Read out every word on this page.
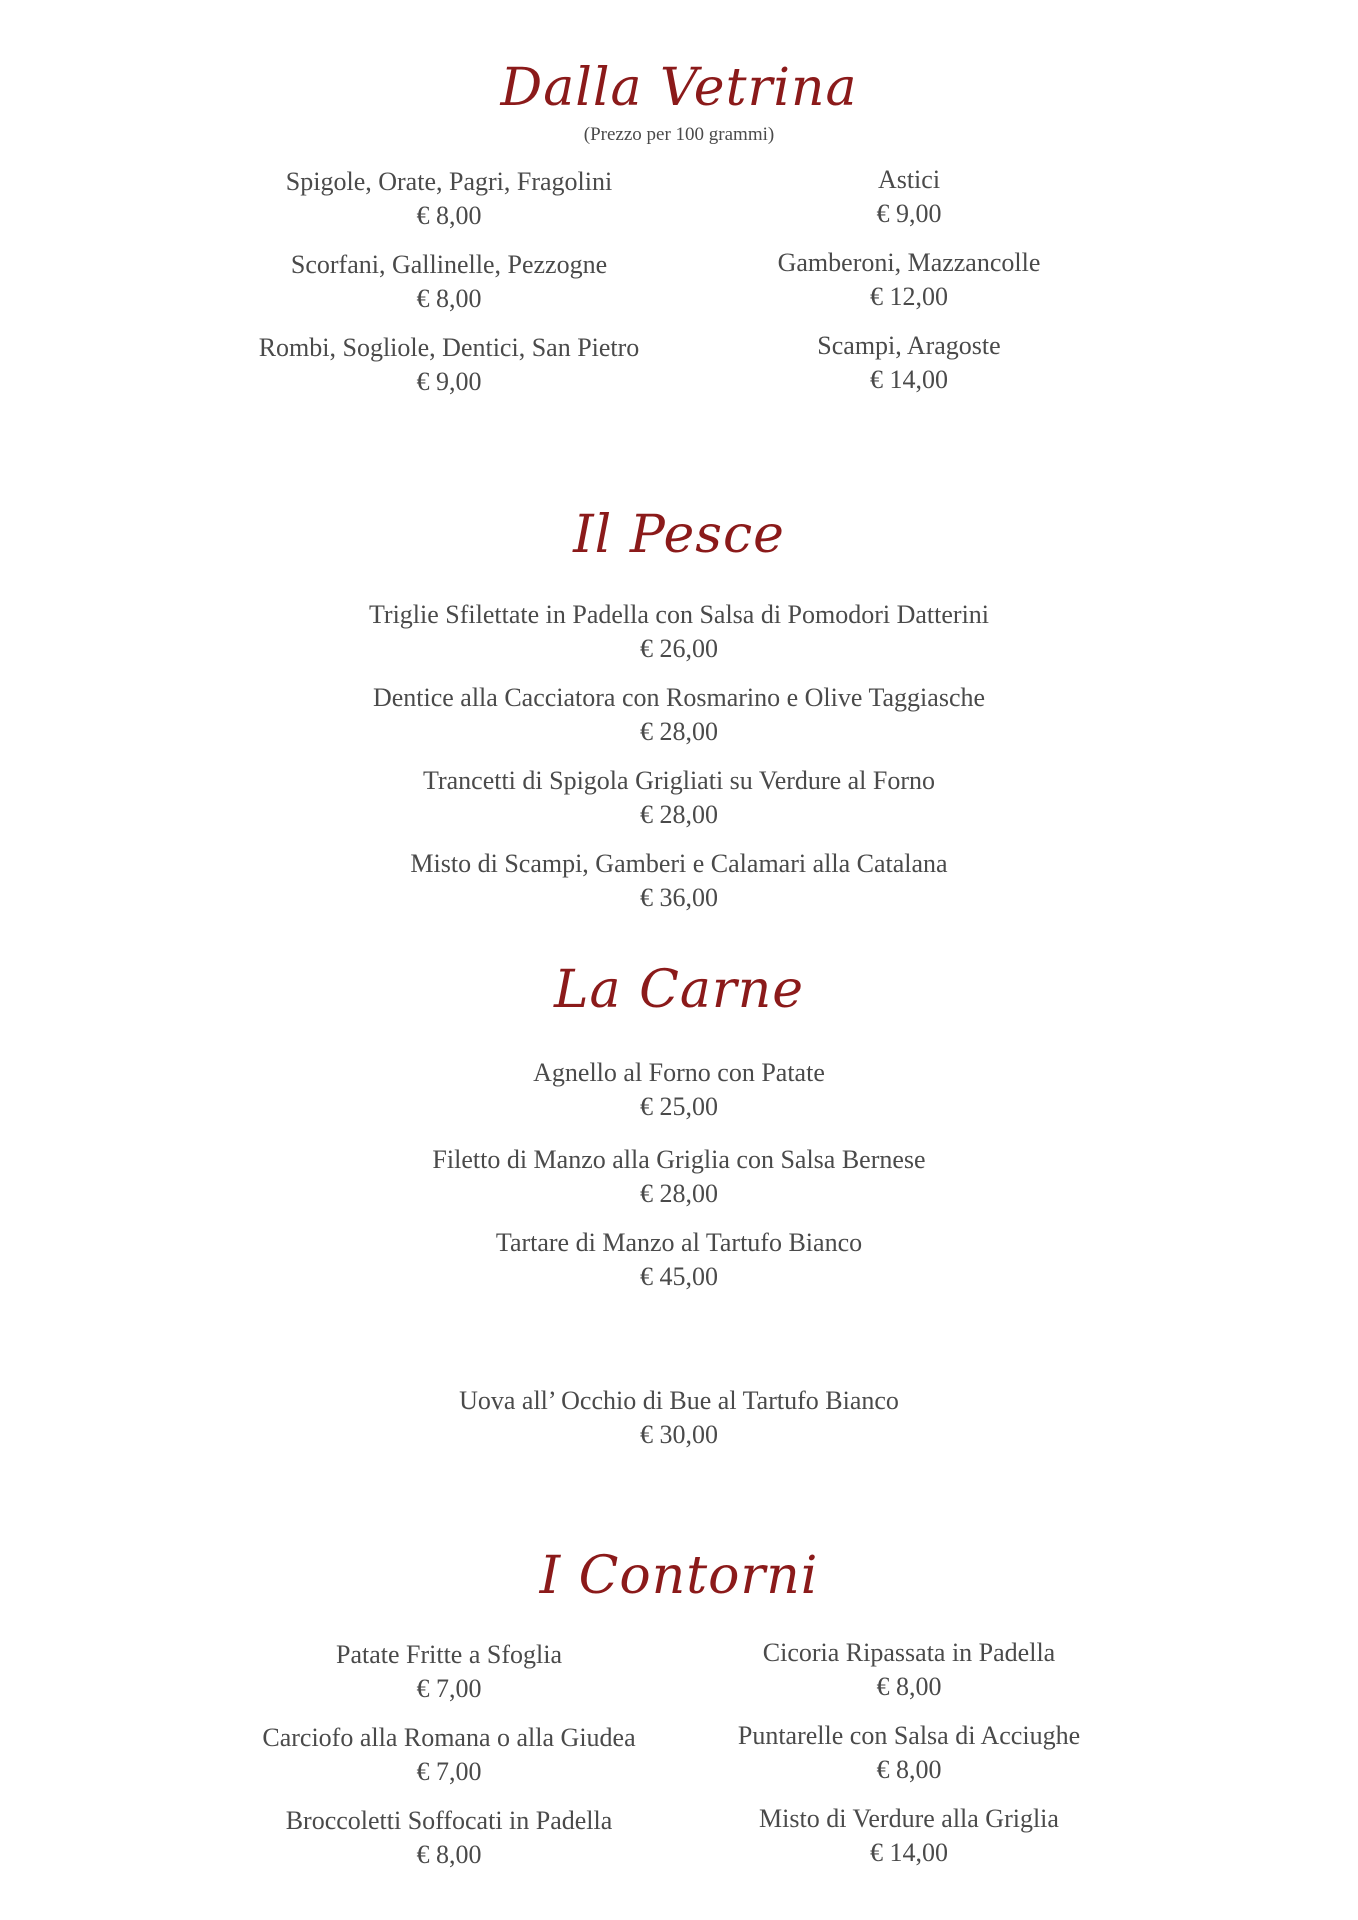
Dalla Vetrina
(Prezzo per 100 grammi)
Spigole, Orate, Pagri, Fragolini
€ 8,00
Scorfani, Gallinelle, Pezzogne
€ 8,00
Rombi, Sogliole, Dentici, San Pietro
€ 9,00
Astici
€ 9,00
Gamberoni, Mazzancolle
€ 12,00
Scampi, Aragoste
€ 14,00
Il Pesce
Triglie Sfilettate in Padella con Salsa di Pomodori Datterini
€ 26,00
Dentice alla Cacciatora con Rosmarino e Olive Taggiasche
€ 28,00
Trancetti di Spigola Grigliati su Verdure al Forno
€ 28,00
Misto di Scampi, Gamberi e Calamari alla Catalana
€ 36,00
La Carne
Agnello al Forno con Patate
€ 25,00
Filetto di Manzo alla Griglia con Salsa Bernese
€ 28,00
Tartare di Manzo al Tartufo Bianco
€ 45,00
Uova all’ Occhio di Bue al Tartufo Bianco
€ 30,00
I Contorni
Patate Fritte a Sfoglia
€ 7,00
Carciofo alla Romana o alla Giudea
€ 7,00
Broccoletti Soffocati in Padella
€ 8,00
Cicoria Ripassata in Padella
€ 8,00
Puntarelle con Salsa di Acciughe
€ 8,00
Misto di Verdure alla Griglia
€ 14,00
